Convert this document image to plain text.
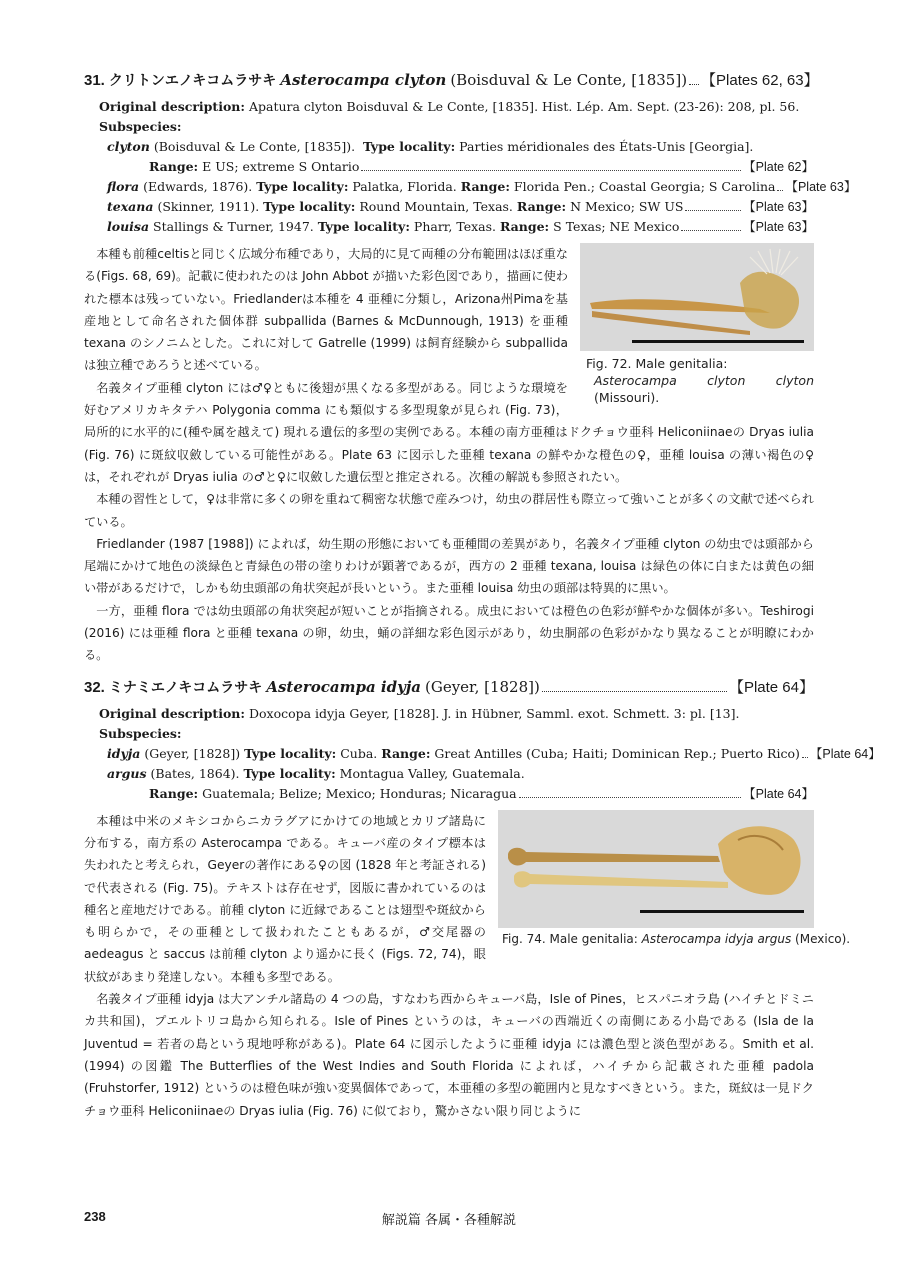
31. クリトンエノキコムラサキ Asterocampa clyton (Boisduval & Le Conte, [1835]) 【Plates 62, 63】
Original description: Apatura clyton Boisduval & Le Conte, [1835]. Hist. Lép. Am. Sept. (23-26): 208, pl. 56.
Subspecies:
clyton (Boisduval & Le Conte, [1835]). Type locality: Parties méridionales des États-Unis [Georgia].
Range:
E US; extreme S Ontario	【Plate 62】
flora
(Edwards, 1876).
Type locality:
Palatka, Florida.
Range:
Florida Pen.; Coastal Georgia; S Carolina 【Plate 63】
texana
(Skinner, 1911).
Type locality:
Round Mountain, Texas.
Range:
N Mexico; SW US	【Plate 63】
louisa
Stallings & Turner, 1947.
Type locality:
Pharr, Texas.
Range:
S Texas; NE Mexico	【Plate 63】
Fig. 72. Male genitalia:
Asterocampa clyton clyton (Missouri).

本種も前種celtisと同じく広域分布種であり，大局的に見て両種の分布範囲はほぼ重なる(Figs. 68, 69)。記載に使われたのは John Abbot が描いた彩色図であり，描画に使われた標本は残っていない。Friedlanderは本種を 4 亜種に分類し，Arizona州Pimaを基産地として命名された個体群 subpallida (Barnes & McDunnough, 1913) を亜種 texana のシノニムとした。これに対して Gatrelle (1999) は飼育経験から subpallida は独立種であろうと述べている。

名義タイプ亜種 clyton には♂♀ともに後翅が黒くなる多型がある。同じような環境を好むアメリカキタテハ Polygonia comma にも類似する多型現象が見られ (Fig. 73)，局所的に水平的に(種や属を越えて) 現れる遺伝的多型の実例である。本種の南方亜種はドクチョウ亜科 Heliconiinaeの Dryas iulia (Fig. 76) に斑紋収斂している可能性がある。Plate 63 に図示した亜種 texana の鮮やかな橙色の♀，亜種 louisa の薄い褐色の♀は，それぞれが Dryas iulia の♂と♀に収斂した遺伝型と推定される。次種の解説も参照されたい。

本種の習性として，♀は非常に多くの卵を重ねて稠密な状態で産みつけ，幼虫の群居性も際立って強いことが多くの文献で述べられている。

Friedlander (1987 [1988]) によれば，幼生期の形態においても亜種間の差異があり，名義タイプ亜種 clyton の幼虫では頭部から尾端にかけて地色の淡緑色と青緑色の帯の塗りわけが顕著であるが，西方の 2 亜種 texana, louisa は緑色の体に白または黄色の細い帯があるだけで，しかも幼虫頭部の角状突起が長いという。また亜種 louisa 幼虫の頭部は特異的に黒い。

一方，亜種 flora では幼虫頭部の角状突起が短いことが指摘される。成虫においては橙色の色彩が鮮やかな個体が多い。Teshirogi (2016) には亜種 flora と亜種 texana の卵，幼虫，蛹の詳細な彩色図示があり，幼虫胴部の色彩がかなり異なることが明瞭にわかる。

32. ミナミエノキコムラサキ Asterocampa idyja (Geyer, [1828])	【Plate 64】
Original description: Doxocopa idyja Geyer, [1828]. J. in Hübner, Samml. exot. Schmett. 3: pl. [13].
Subspecies:
idyja
(Geyer, [1828])
Type locality:
Cuba.
Range:
Great Antilles (Cuba; Haiti; Dominican Rep.; Puerto Rico) 【Plate 64】
argus
(Bates, 1864).
Type locality:
Montagua Valley, Guatemala.
Range:
Guatemala; Belize; Mexico; Honduras; Nicaragua	【Plate 64】
Fig. 74. Male genitalia: Asterocampa idyja argus (Mexico).

本種は中米のメキシコからニカラグアにかけての地域とカリブ諸島に分布する，南方系の Asterocampa である。キューバ産のタイプ標本は失われたと考えられ，Geyerの著作にある♀の図 (1828 年と考証される) で代表される (Fig. 75)。テキストは存在せず，図版に書かれているのは種名と産地だけである。前種 clyton に近縁であることは翅型や斑紋からも明らかで，その亜種として扱われたこともあるが，♂交尾器の aedeagus と saccus は前種 clyton より遥かに長く (Figs. 72, 74)，眼状紋があまり発達しない。本種も多型である。

名義タイプ亜種 idyja は大アンチル諸島の 4 つの島，すなわち西からキューバ島，Isle of Pines，ヒスパニオラ島 (ハイチとドミニカ共和国)，プエルトリコ島から知られる。Isle of Pines というのは，キューバの西端近くの南側にある小島である (Isla de la Juventud = 若者の島という現地呼称がある)。Plate 64 に図示したように亜種 idyja には濃色型と淡色型がある。Smith et al. (1994) の図鑑 The Butterflies of the West Indies and South Florida によれば，ハイチから記載された亜種 padola (Fruhstorfer, 1912) というのは橙色味が強い変異個体であって，本亜種の多型の範囲内と見なすべきという。また，斑紋は一見ドクチョウ亜科 Heliconiinaeの Dryas iulia (Fig. 76) に似ており，驚かさない限り同じように

238	解説篇 各属・各種解説
